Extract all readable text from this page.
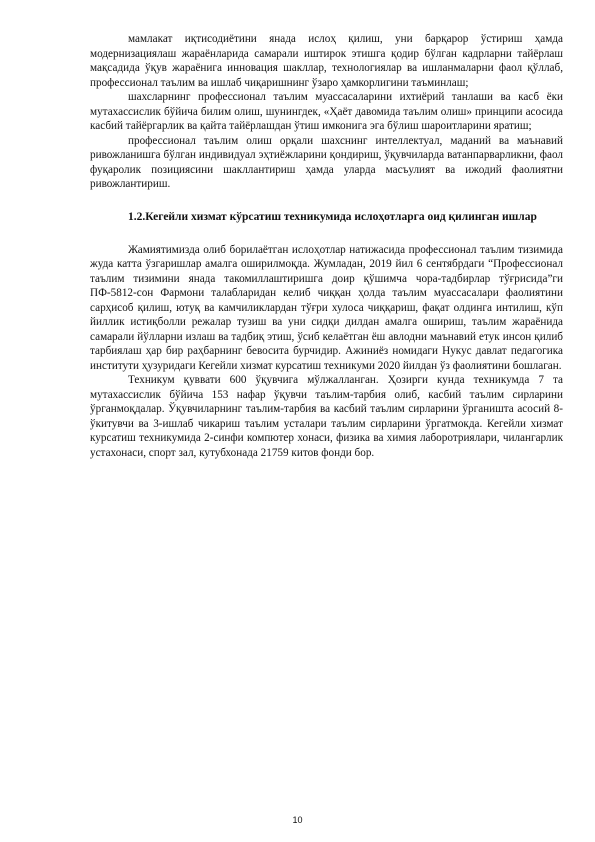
мамлакат иқтисодиётини янада ислоҳ қилиш, уни барқарор ўстириш ҳамда модернизациялаш жараёнларида самарали иштирок этишга қодир бўлган кадрларни тайёрлаш мақсадида ўқув жараёнига инновация шакллар, технологиялар ва ишланмаларни фаол қўллаб, профессионал таълим ва ишлаб чиқаришнинг ўзаро ҳамкорлигини таъминлаш;

шахсларнинг профессионал таълим муассасаларини ихтиёрий танлаши ва касб ёки мутахассислик бўйича билим олиш, шунингдек, «Ҳаёт давомида таълим олиш» принципи асосида касбий тайёргарлик ва қайта тайёрлашдан ўтиш имконига эга бўлиш шароитларини яратиш;

профессионал таълим олиш орқали шахснинг интеллектуал, маданий ва маънавий ривожланишга бўлган индивидуал эҳтиёжларини қондириш, ўқувчиларда ватанпарварликни, фаол фуқаролик позициясини шакллантириш ҳамда уларда масъулият ва ижодий фаолиятни ривожлантириш.

1.2.Кегейли хизмат кўрсатиш техникумида ислоҳотларга оид қилинган ишлар

Жамиятимизда олиб борилаётган ислоҳотлар натижасида профессионал таълим тизимида жуда катта ўзгаришлар амалга оширилмоқда. Жумладан, 2019 йил 6 сентябрдаги “Профессионал таълим тизимини янада такомиллаштиришга доир қўшимча чора-тадбирлар тўғрисида”ги ПФ-5812-сон Фармони талабларидан келиб чиққан ҳолда таълим муассасалари фаолиятини сарҳисоб қилиш, ютуқ ва камчиликлардан тўғри хулоса чиққариш, фақат олдинга интилиш, кўп йиллик истиқболли режалар тузиш ва уни сидқи дилдан амалга ошириш, таълим жараёнида самарали йўлларни излаш ва тадбиқ этиш, ўсиб келаётган ёш авлодни маънавий етук инсон қилиб тарбиялаш ҳар бир раҳбарнинг бевосита бурчидир. Ажиниёз номидаги Нукус давлат педагогика институти ҳузуридаги Кегейли хизмат курсатиш техникуми 2020 йилдан ўз фаолиятини бошлаган.

Техникум қуввати 600 ўқувчига мўлжалланган. Ҳозирги кунда техникумда 7 та мутахассислик бўйича 153 нафар ўқувчи таълим-тарбия олиб, касбий таълим сирларини ўрганмоқдалар. Ўқувчиларнинг таълим-тарбия ва касбий таълим сирларини ўрганишта асосий 8-ўкитувчи ва 3-ишлаб чикариш таълим усталари таълим сирларини ўргатмокда. Кегейли хизмат курсатиш техникумида 2-синфи компютер хонаси, физика ва химия лаборотриялари, чилангарлик устахонаси, спорт зал, кутубхонада 21759 китов фонди бор.

10
